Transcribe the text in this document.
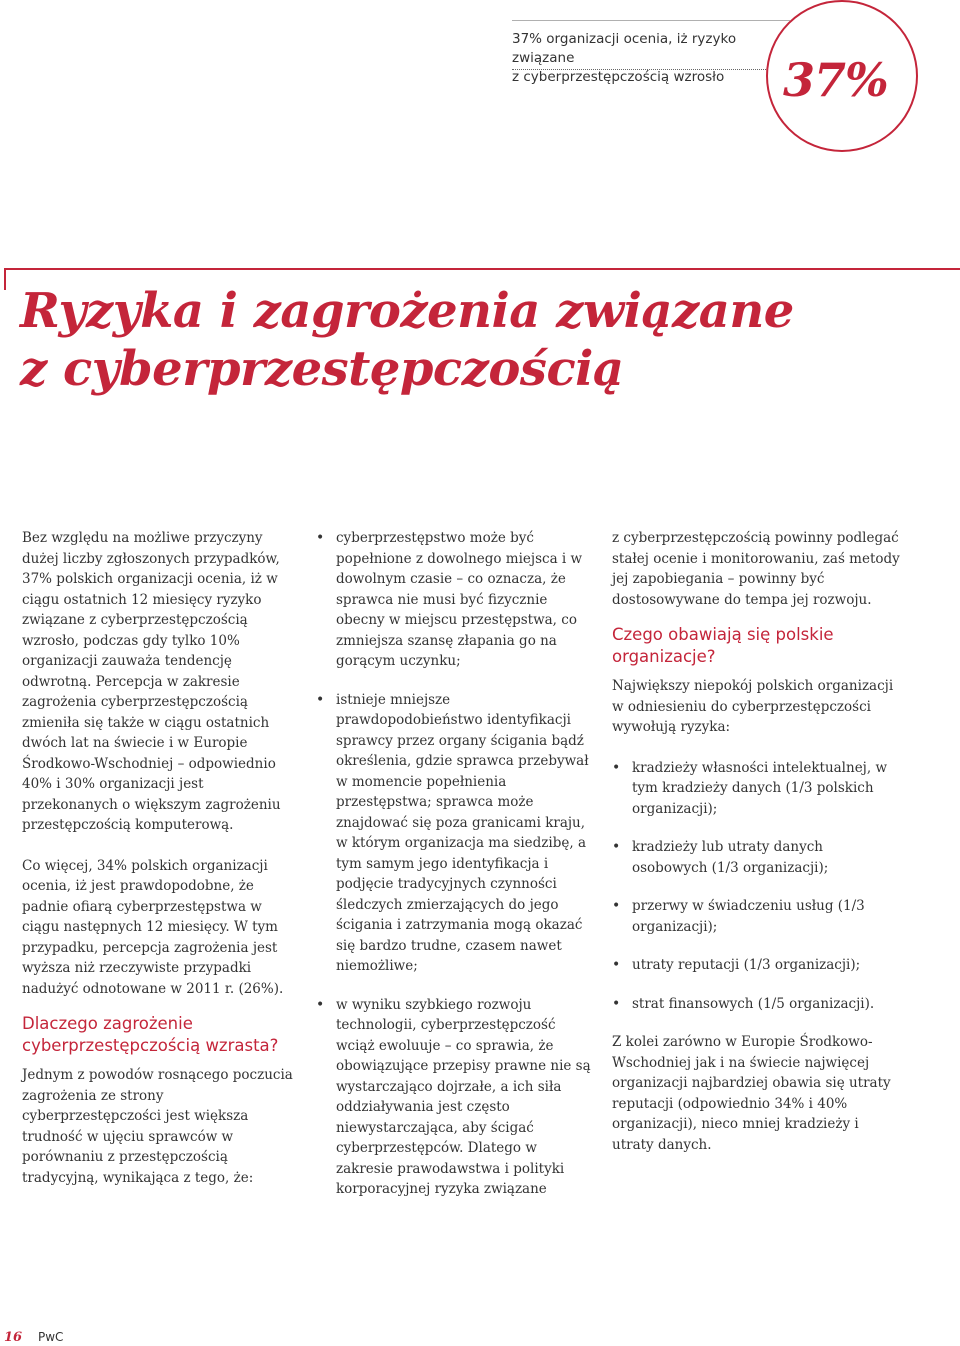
37% organizacji ocenia, iż ryzyko związane
z cyberprzestępczością wzrosło	37%
Ryzyka i zagrożenia związane
z cyberprzestępczością

Bez względu na możliwe przyczyny dużej liczby zgłoszonych przypadków, 37% polskich organizacji ocenia, iż w ciągu ostatnich 12 miesięcy ryzyko związane z cyberprzestępczością wzrosło, podczas gdy tylko 10% organizacji zauważa tendencję odwrotną. Percepcja w zakresie zagrożenia cyberprzestępczością zmieniła się także w ciągu ostatnich dwóch lat na świecie i w Europie Środkowo-Wschodniej – odpowiednio 40% i 30% organizacji jest przekonanych o większym zagrożeniu przestępczością komputerową.

Co więcej, 34% polskich organizacji ocenia, iż jest prawdopodobne, że padnie ofiarą cyberprzestępstwa w ciągu następnych 12 miesięcy. W tym przypadku, percepcja zagrożenia jest wyższa niż rzeczywiste przypadki nadużyć odnotowane w 2011 r. (26%).

Dlaczego zagrożenie cyberprzestępczością wzrasta?

Jednym z powodów rosnącego poczucia zagrożenia ze strony cyberprzestępczości jest większa trudność w ujęciu sprawców w porównaniu z przestępczością tradycyjną, wynikająca z tego, że:

• cyberprzestępstwo może być popełnione z dowolnego miejsca i w dowolnym czasie – co oznacza, że sprawca nie musi być fizycznie obecny w miejscu przestępstwa, co zmniejsza szansę złapania go na gorącym uczynku;
• istnieje mniejsze prawdopodobieństwo identyfikacji sprawcy przez organy ścigania bądź określenia, gdzie sprawca przebywał w momencie popełnienia przestępstwa; sprawca może znajdować się poza granicami kraju, w którym organizacja ma siedzibę, a tym samym jego identyfikacja i podjęcie tradycyjnych czynności śledczych zmierzających do jego ścigania i zatrzymania mogą okazać się bardzo trudne, czasem nawet niemożliwe;
• w wyniku szybkiego rozwoju technologii, cyberprzestępczość wciąż ewoluuje – co sprawia, że obowiązujące przepisy prawne nie są wystarczająco dojrzałe, a ich siła oddziaływania jest często niewystarczająca, aby ścigać cyberprzestępców. Dlatego w zakresie prawodawstwa i polityki korporacyjnej ryzyka związane

z cyberprzestępczością powinny podlegać stałej ocenie i monitorowaniu, zaś metody jej zapobiegania – powinny być dostosowywane do tempa jej rozwoju.

Czego obawiają się polskie organizacje?

Największy niepokój polskich organizacji w odniesieniu do cyberprzestępczości wywołują ryzyka:

• kradzieży własności intelektualnej, w tym kradzieży danych (1/3 polskich organizacji);
• kradzieży lub utraty danych osobowych (1/3 organizacji);
• przerwy w świadczeniu usług (1/3 organizacji);
• utraty reputacji (1/3 organizacji);
• strat finansowych (1/5 organizacji).

Z kolei zarówno w Europie Środkowo-Wschodniej jak i na świecie najwięcej organizacji najbardziej obawia się utraty reputacji (odpowiednio 34% i 40% organizacji), nieco mniej kradzieży i utraty danych.

16 PwC
